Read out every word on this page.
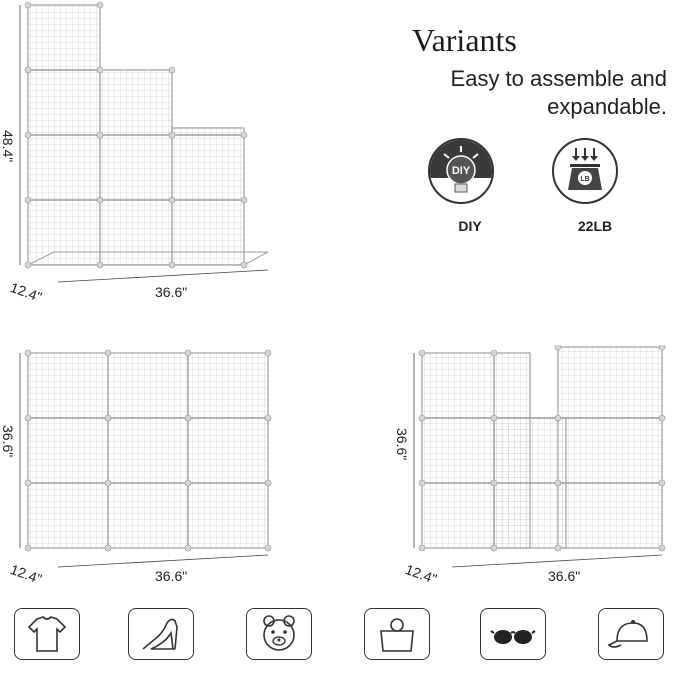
Variants
Easy to assemble and
expandable.
DIY
DIY
LB
22LB
48.4"
36.6"
12.4"
36.6"
36.6"
12.4"
36.6"
36.6"
12.4"
